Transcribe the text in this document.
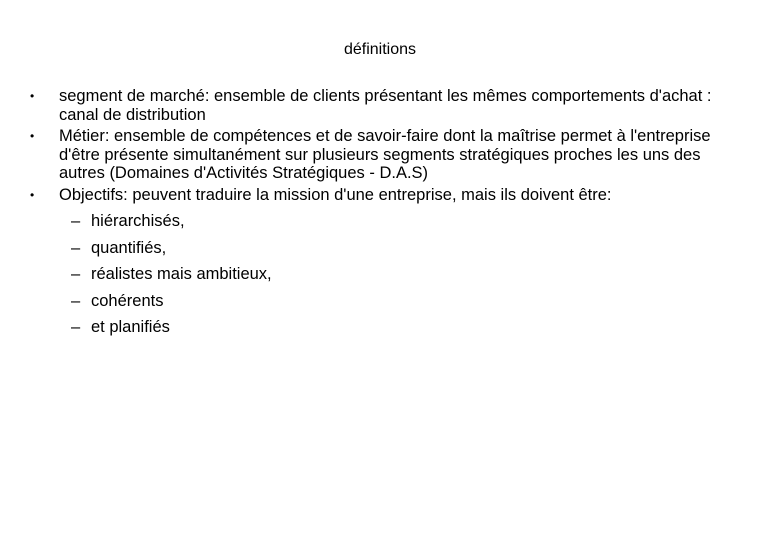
définitions
• segment de marché: ensemble de clients présentant les mêmes comportements d'achat : canal de distribution
• Métier: ensemble de compétences et de savoir-faire dont la maîtrise permet à l'entreprise d'être présente simultanément sur plusieurs segments stratégiques proches les uns des autres (Domaines d'Activités Stratégiques - D.A.S)
• Objectifs: peuvent traduire la mission d'une entreprise, mais ils doivent être:
– hiérarchisés,
– quantifiés,
– réalistes mais ambitieux,
– cohérents
– et planifiés
